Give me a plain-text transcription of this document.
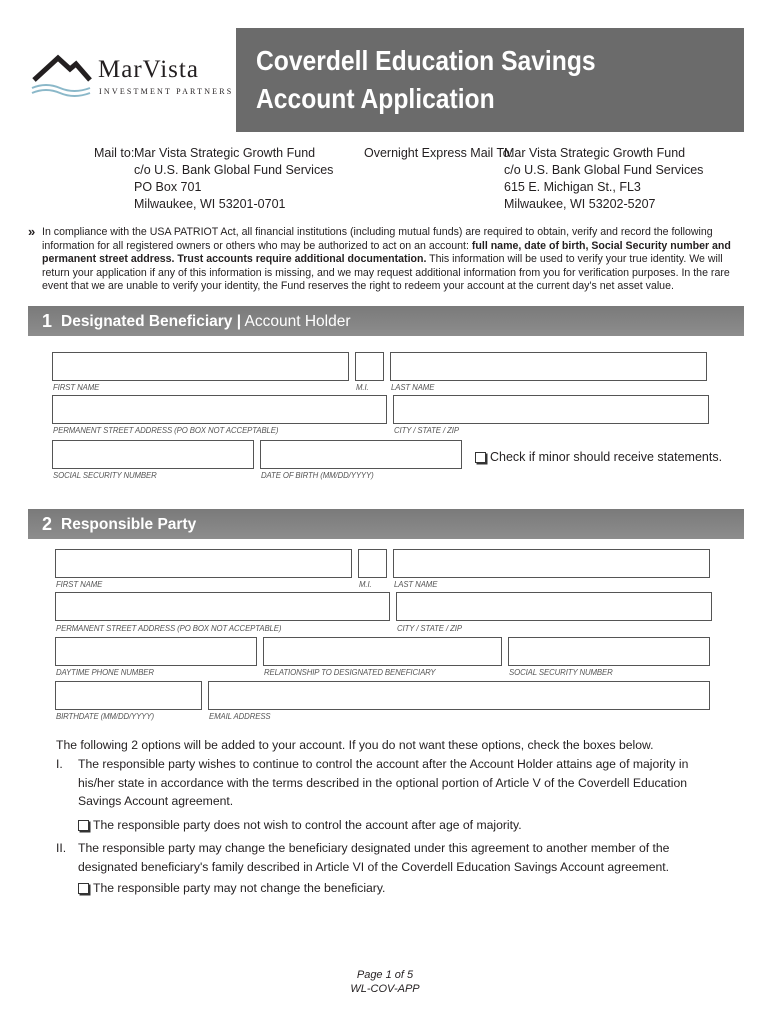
MarVista
INVESTMENT PARTNERS
Coverdell Education Savings
Account Application
Mail to: Mar Vista Strategic Growth Fund
c/o U.S. Bank Global Fund Services
PO Box 701
Milwaukee, WI 53201-0701
Overnight Express Mail To:
Mar Vista Strategic Growth Fund
c/o U.S. Bank Global Fund Services
615 E. Michigan St., FL3
Milwaukee, WI 53202-5207
» In compliance with the USA PATRIOT Act, all financial institutions (including mutual funds) are required to obtain, verify and record the following information for all registered owners or others who may be authorized to act on an account: full name, date of birth, Social Security number and permanent street address. Trust accounts require additional documentation. This information will be used to verify your true identity. We will return your application if any of this information is missing, and we may request additional information from you for verification purposes. In the rare event that we are unable to verify your identity, the Fund reserves the right to redeem your account at the current day's net asset value.
1 Designated Beneficiary | Account Holder
FIRST NAME	M.I.	LAST NAME
PERMANENT STREET ADDRESS (PO BOX NOT ACCEPTABLE)	CITY / STATE / ZIP
SOCIAL SECURITY NUMBER	DATE OF BIRTH (MM/DD/YYYY)
Check if minor should receive statements.
2 Responsible Party
FIRST NAME	M.I.	LAST NAME
PERMANENT STREET ADDRESS (PO BOX NOT ACCEPTABLE)	CITY / STATE / ZIP
DAYTIME PHONE NUMBER	RELATIONSHIP TO DESIGNATED BENEFICIARY	SOCIAL SECURITY NUMBER
BIRTHDATE (MM/DD/YYYY)	EMAIL ADDRESS
The following 2 options will be added to your account. If you do not want these options, check the boxes below.
I. The responsible party wishes to continue to control the account after the Account Holder attains age of majority in his/her state in accordance with the terms described in the optional portion of Article V of the Coverdell Education Savings Account agreement.
The responsible party does not wish to control the account after age of majority.
II. The responsible party may change the beneficiary designated under this agreement to another member of the designated beneficiary's family described in Article VI of the Coverdell Education Savings Account agreement.
The responsible party may not change the beneficiary.
Page 1 of 5
WL-COV-APP
